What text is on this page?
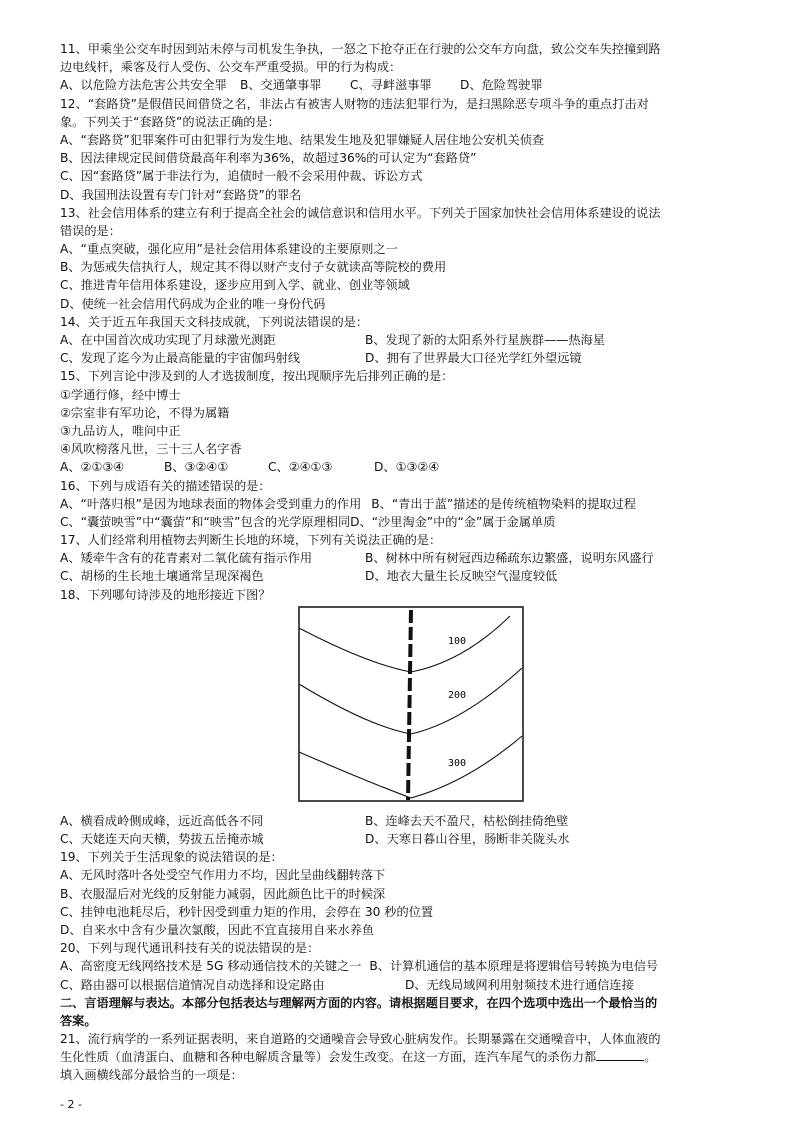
11、甲乘坐公交车时因到站未停与司机发生争执，一怒之下抢夺正在行驶的公交车方向盘，致公交车失控撞到路
边电线杆，乘客及行人受伤、公交车严重受损。甲的行为构成：
A、以危险方法危害公共安全罪	B、交通肇事罪	C、寻衅滋事罪	D、危险驾驶罪
12、“套路贷”是假借民间借贷之名，非法占有被害人财物的违法犯罪行为，是扫黑除恶专项斗争的重点打击对
象。下列关于“套路贷”的说法正确的是：
A、“套路贷”犯罪案件可由犯罪行为发生地、结果发生地及犯罪嫌疑人居住地公安机关侦查
B、因法律规定民间借贷最高年利率为36%，故超过36%的可认定为“套路贷”
C、因“套路贷”属于非法行为，追债时一般不会采用仲裁、诉讼方式
D、我国刑法设置有专门针对“套路贷”的罪名
13、社会信用体系的建立有利于提高全社会的诚信意识和信用水平。下列关于国家加快社会信用体系建设的说法
错误的是：
A、“重点突破，强化应用”是社会信用体系建设的主要原则之一
B、为惩戒失信执行人，规定其不得以财产支付子女就读高等院校的费用
C、推进青年信用体系建设，逐步应用到入学、就业、创业等领域
D、使统一社会信用代码成为企业的唯一身份代码
14、关于近五年我国天文科技成就，下列说法错误的是：
A、在中国首次成功实现了月球激光测距	B、发现了新的太阳系外行星族群——热海星
C、发现了迄今为止最高能量的宇宙伽玛射线	D、拥有了世界最大口径光学红外望远镜
15、下列言论中涉及到的人才选拔制度，按出现顺序先后排列正确的是：
①学通行修，经中博士
②宗室非有军功论，不得为属籍
③九品访人，唯问中正
④风吹榜落凡世，三十三人名字香
A、②①③④	B、③②④①	C、②④①③	D、①③②④
16、下列与成语有关的描述错误的是：
A、“叶落归根”是因为地球表面的物体会受到重力的作用 B、“青出于蓝”描述的是传统植物染料的提取过程
C、“囊萤映雪”中“囊萤”和“映雪”包含的光学原理相同D、“沙里淘金”中的“金”属于金属单质
17、人们经常利用植物去判断生长地的环境，下列有关说法正确的是：
A、矮牵牛含有的花青素对二氧化硫有指示作用	B、树林中所有树冠西边稀疏东边繁盛，说明东风盛行
C、胡杨的生长地土壤通常呈现深褐色	D、地衣大量生长反映空气湿度较低
18、下列哪句诗涉及的地形接近下图？
100
200
300
A、横看成岭侧成峰，远近高低各不同	B、连峰去天不盈尺，枯松倒挂倚绝壁
C、天姥连天向天横，势拔五岳掩赤城	D、天寒日暮山谷里，肠断非关陇头水
19、下列关于生活现象的说法错误的是：
A、无风时落叶各处受空气作用力不均，因此呈曲线翻转落下
B、衣服湿后对光线的反射能力减弱，因此颜色比干的时候深
C、挂钟电池耗尽后，秒针因受到重力矩的作用，会停在 30 秒的位置
D、自来水中含有少量次氯酸，因此不宜直接用自来水养鱼
20、下列与现代通讯科技有关的说法错误的是：
A、高密度无线网络技术是 5G 移动通信技术的关键之一 B、计算机通信的基本原理是将逻辑信号转换为电信号
C、路由器可以根据信道情况自动选择和设定路由	D、无线局域网利用射频技术进行通信连接
二、言语理解与表达。本部分包括表达与理解两方面的内容。请根据题目要求，在四个选项中选出一个最恰当的
答案。
21、流行病学的一系列证据表明，来自道路的交通噪音会导致心脏病发作。长期暴露在交通噪音中，人体血液的
生化性质（血清蛋白、血糖和各种电解质含量等）会发生改变。在这一方面，连汽车尾气的杀伤力都	。
填入画横线部分最恰当的一项是：
- 2 -
